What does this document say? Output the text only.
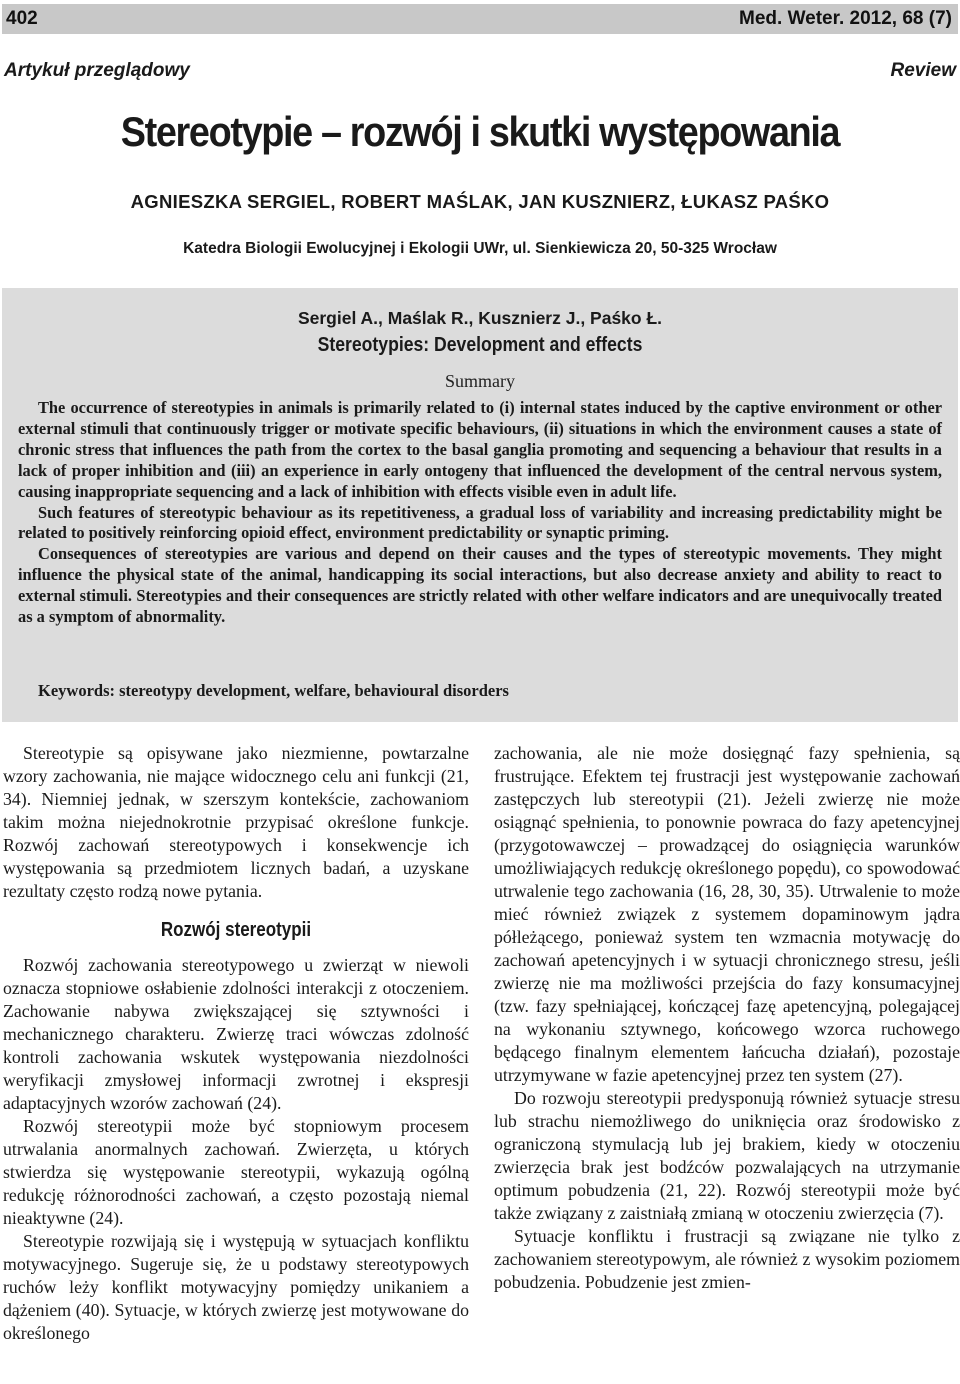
402	Med. Weter. 2012, 68 (7)
Artykuł przeglądowy	Review
Stereotypie – rozwój i skutki występowania
AGNIESZKA SERGIEL, ROBERT MAŚLAK, JAN KUSZNIERZ, ŁUKASZ PAŚKO
Katedra Biologii Ewolucyjnej i Ekologii UWr, ul. Sienkiewicza 20, 50-325 Wrocław
Sergiel A., Maślak R., Kusznierz J., Paśko Ł.
Stereotypies: Development and effects
Summary

The occurrence of stereotypies in animals is primarily related to (i) internal states induced by the captive environment or other external stimuli that continuously trigger or motivate specific behaviours, (ii) situations in which the environment causes a state of chronic stress that influences the path from the cortex to the basal ganglia promoting and sequencing a behaviour that results in a lack of proper inhibition and (iii) an experience in early ontogeny that influenced the development of the central nervous system, causing inappropriate sequencing and a lack of inhibition with effects visible even in adult life.

Such features of stereotypic behaviour as its repetitiveness, a gradual loss of variability and increasing predictability might be related to positively reinforcing opioid effect, environment predictability or synaptic priming.

Consequences of stereotypies are various and depend on their causes and the types of stereotypic movements. They might influence the physical state of the animal, handicapping its social interactions, but also decrease anxiety and ability to react to external stimuli. Stereotypies and their consequences are strictly related with other welfare indicators and are unequivocally treated as a symptom of abnormality.

Keywords: stereotypy development, welfare, behavioural disorders

Stereotypie są opisywane jako niezmienne, powtarzalne wzory zachowania, nie mające widocznego celu ani funkcji (21, 34). Niemniej jednak, w szerszym kontekście, zachowaniom takim można niejednokrotnie przypisać określone funkcje. Rozwój zachowań stereotypowych i konsekwencje ich występowania są przedmiotem licznych badań, a uzyskane rezultaty często rodzą nowe pytania.

Rozwój stereotypii

Rozwój zachowania stereotypowego u zwierząt w niewoli oznacza stopniowe osłabienie zdolności interakcji z otoczeniem. Zachowanie nabywa zwiększającej się sztywności i mechanicznego charakteru. Zwierzę traci wówczas zdolność kontroli zachowania wskutek występowania niezdolności weryfikacji zmysłowej informacji zwrotnej i ekspresji adaptacyjnych wzorów zachowań (24).

Rozwój stereotypii może być stopniowym procesem utrwalania anormalnych zachowań. Zwierzęta, u których stwierdza się występowanie stereotypii, wykazują ogólną redukcję różnorodności zachowań, a często pozostają niemal nieaktywne (24).

Stereotypie rozwijają się i występują w sytuacjach konfliktu motywacyjnego. Sugeruje się, że u podstawy stereotypowych ruchów leży konflikt motywacyjny pomiędzy unikaniem a dążeniem (40). Sytuacje, w których zwierzę jest motywowane do określonego

zachowania, ale nie może dosięgnąć fazy spełnienia, są frustrujące. Efektem tej frustracji jest występowanie zachowań zastępczych lub stereotypii (21). Jeżeli zwierzę nie może osiągnąć spełnienia, to ponownie powraca do fazy apetencyjnej (przygotowawczej – prowadzącej do osiągnięcia warunków umożliwiających redukcję określonego popędu), co spowodować utrwalenie tego zachowania (16, 28, 30, 35). Utrwalenie to może mieć również związek z systemem dopaminowym jądra półleżącego, ponieważ system ten wzmacnia motywację do zachowań apetencyjnych i w sytuacji chronicznego stresu, jeśli zwierzę nie ma możliwości przejścia do fazy konsumacyjnej (tzw. fazy spełniającej, kończącej fazę apetencyjną, polegającej na wykonaniu sztywnego, końcowego wzorca ruchowego będącego finalnym elementem łańcucha działań), pozostaje utrzymywane w fazie apetencyjnej przez ten system (27).

Do rozwoju stereotypii predysponują również sytuacje stresu lub strachu niemożliwego do uniknięcia oraz środowisko z ograniczoną stymulacją lub jej brakiem, kiedy w otoczeniu zwierzęcia brak jest bodźców pozwalających na utrzymanie optimum pobudzenia (21, 22). Rozwój stereotypii może być także związany z zaistniałą zmianą w otoczeniu zwierzęcia (7).

Sytuacje konfliktu i frustracji są związane nie tylko z zachowaniem stereotypowym, ale również z wysokim poziomem pobudzenia. Pobudzenie jest zmien-
